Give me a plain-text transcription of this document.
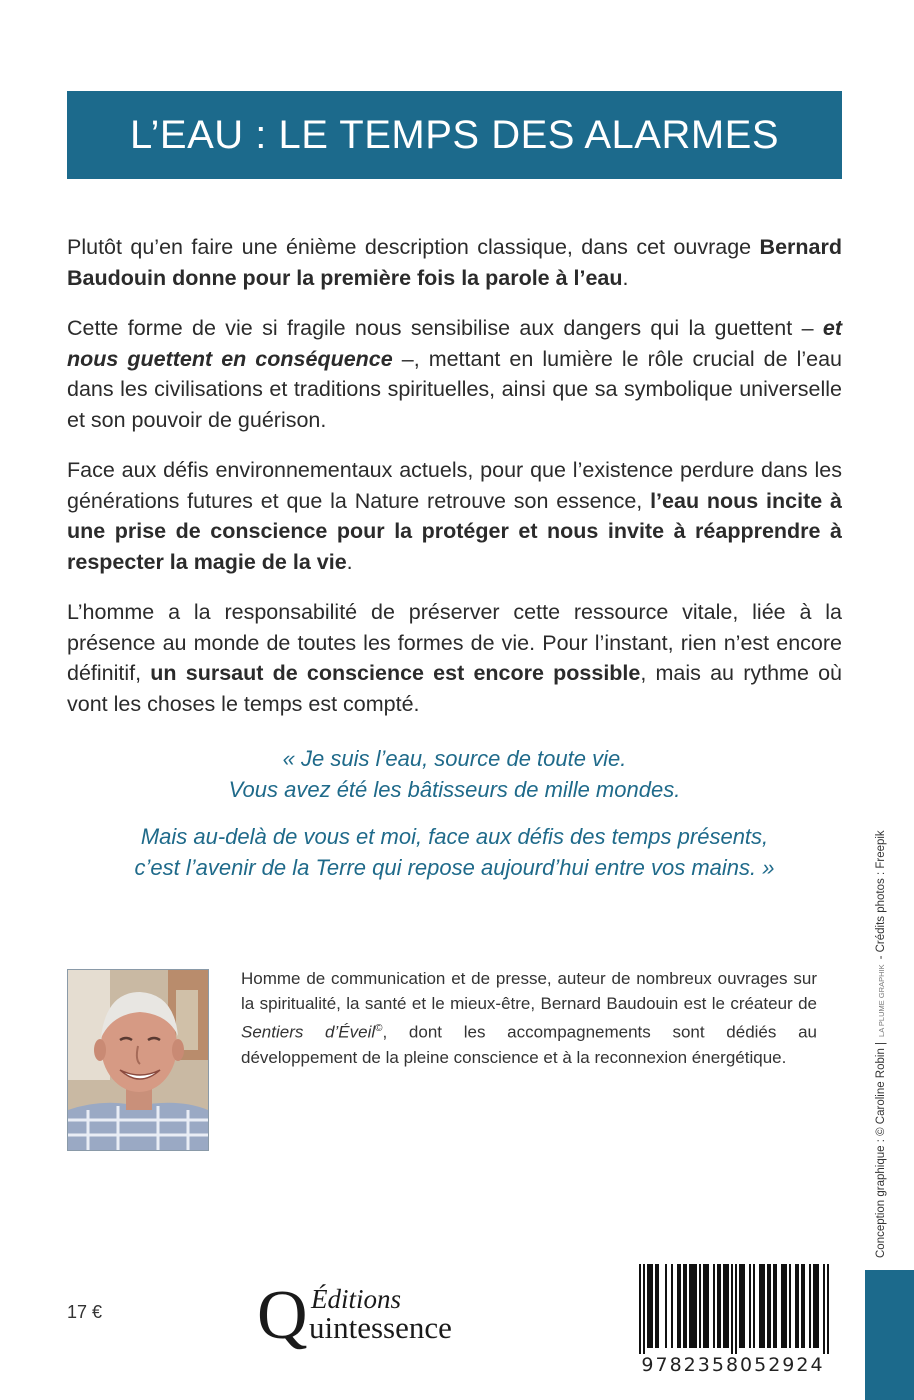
L’EAU : LE TEMPS DES ALARMES

Plutôt qu’en faire une énième description classique, dans cet ouvrage Bernard Baudouin donne pour la première fois la parole à l’eau.

Cette forme de vie si fragile nous sensibilise aux dangers qui la guettent – et nous guettent en conséquence –, mettant en lumière le rôle crucial de l’eau dans les civilisations et traditions spirituelles, ainsi que sa symbolique universelle et son pouvoir de guérison.

Face aux défis environnementaux actuels, pour que l’existence perdure dans les générations futures et que la Nature retrouve son essence, l’eau nous incite à une prise de conscience pour la protéger et nous invite à réapprendre à respecter la magie de la vie.

L’homme a la responsabilité de préserver cette ressource vitale, liée à la présence au monde de toutes les formes de vie. Pour l’instant, rien n’est encore définitif, un sursaut de conscience est encore possible, mais au rythme où vont les choses le temps est compté.

« Je suis l’eau, source de toute vie.
Vous avez été les bâtisseurs de mille mondes.

Mais au-delà de vous et moi, face aux défis des temps présents,
c’est l’avenir de la Terre qui repose aujourd’hui entre vos mains. »

Homme de communication et de presse, auteur de nombreux ouvrages sur la spiritualité, la santé et le mieux-être, Bernard Baudouin est le créateur de Sentiers d’Éveil©, dont les accompagnements sont dédiés au développement de la pleine conscience et à la reconnexion énergétique.	Conception graphique : © Caroline Robin |LA PLUME GRAPHIK- Crédits photos : Freepik
17 € Q Éditions
uintessence
9782358052924
